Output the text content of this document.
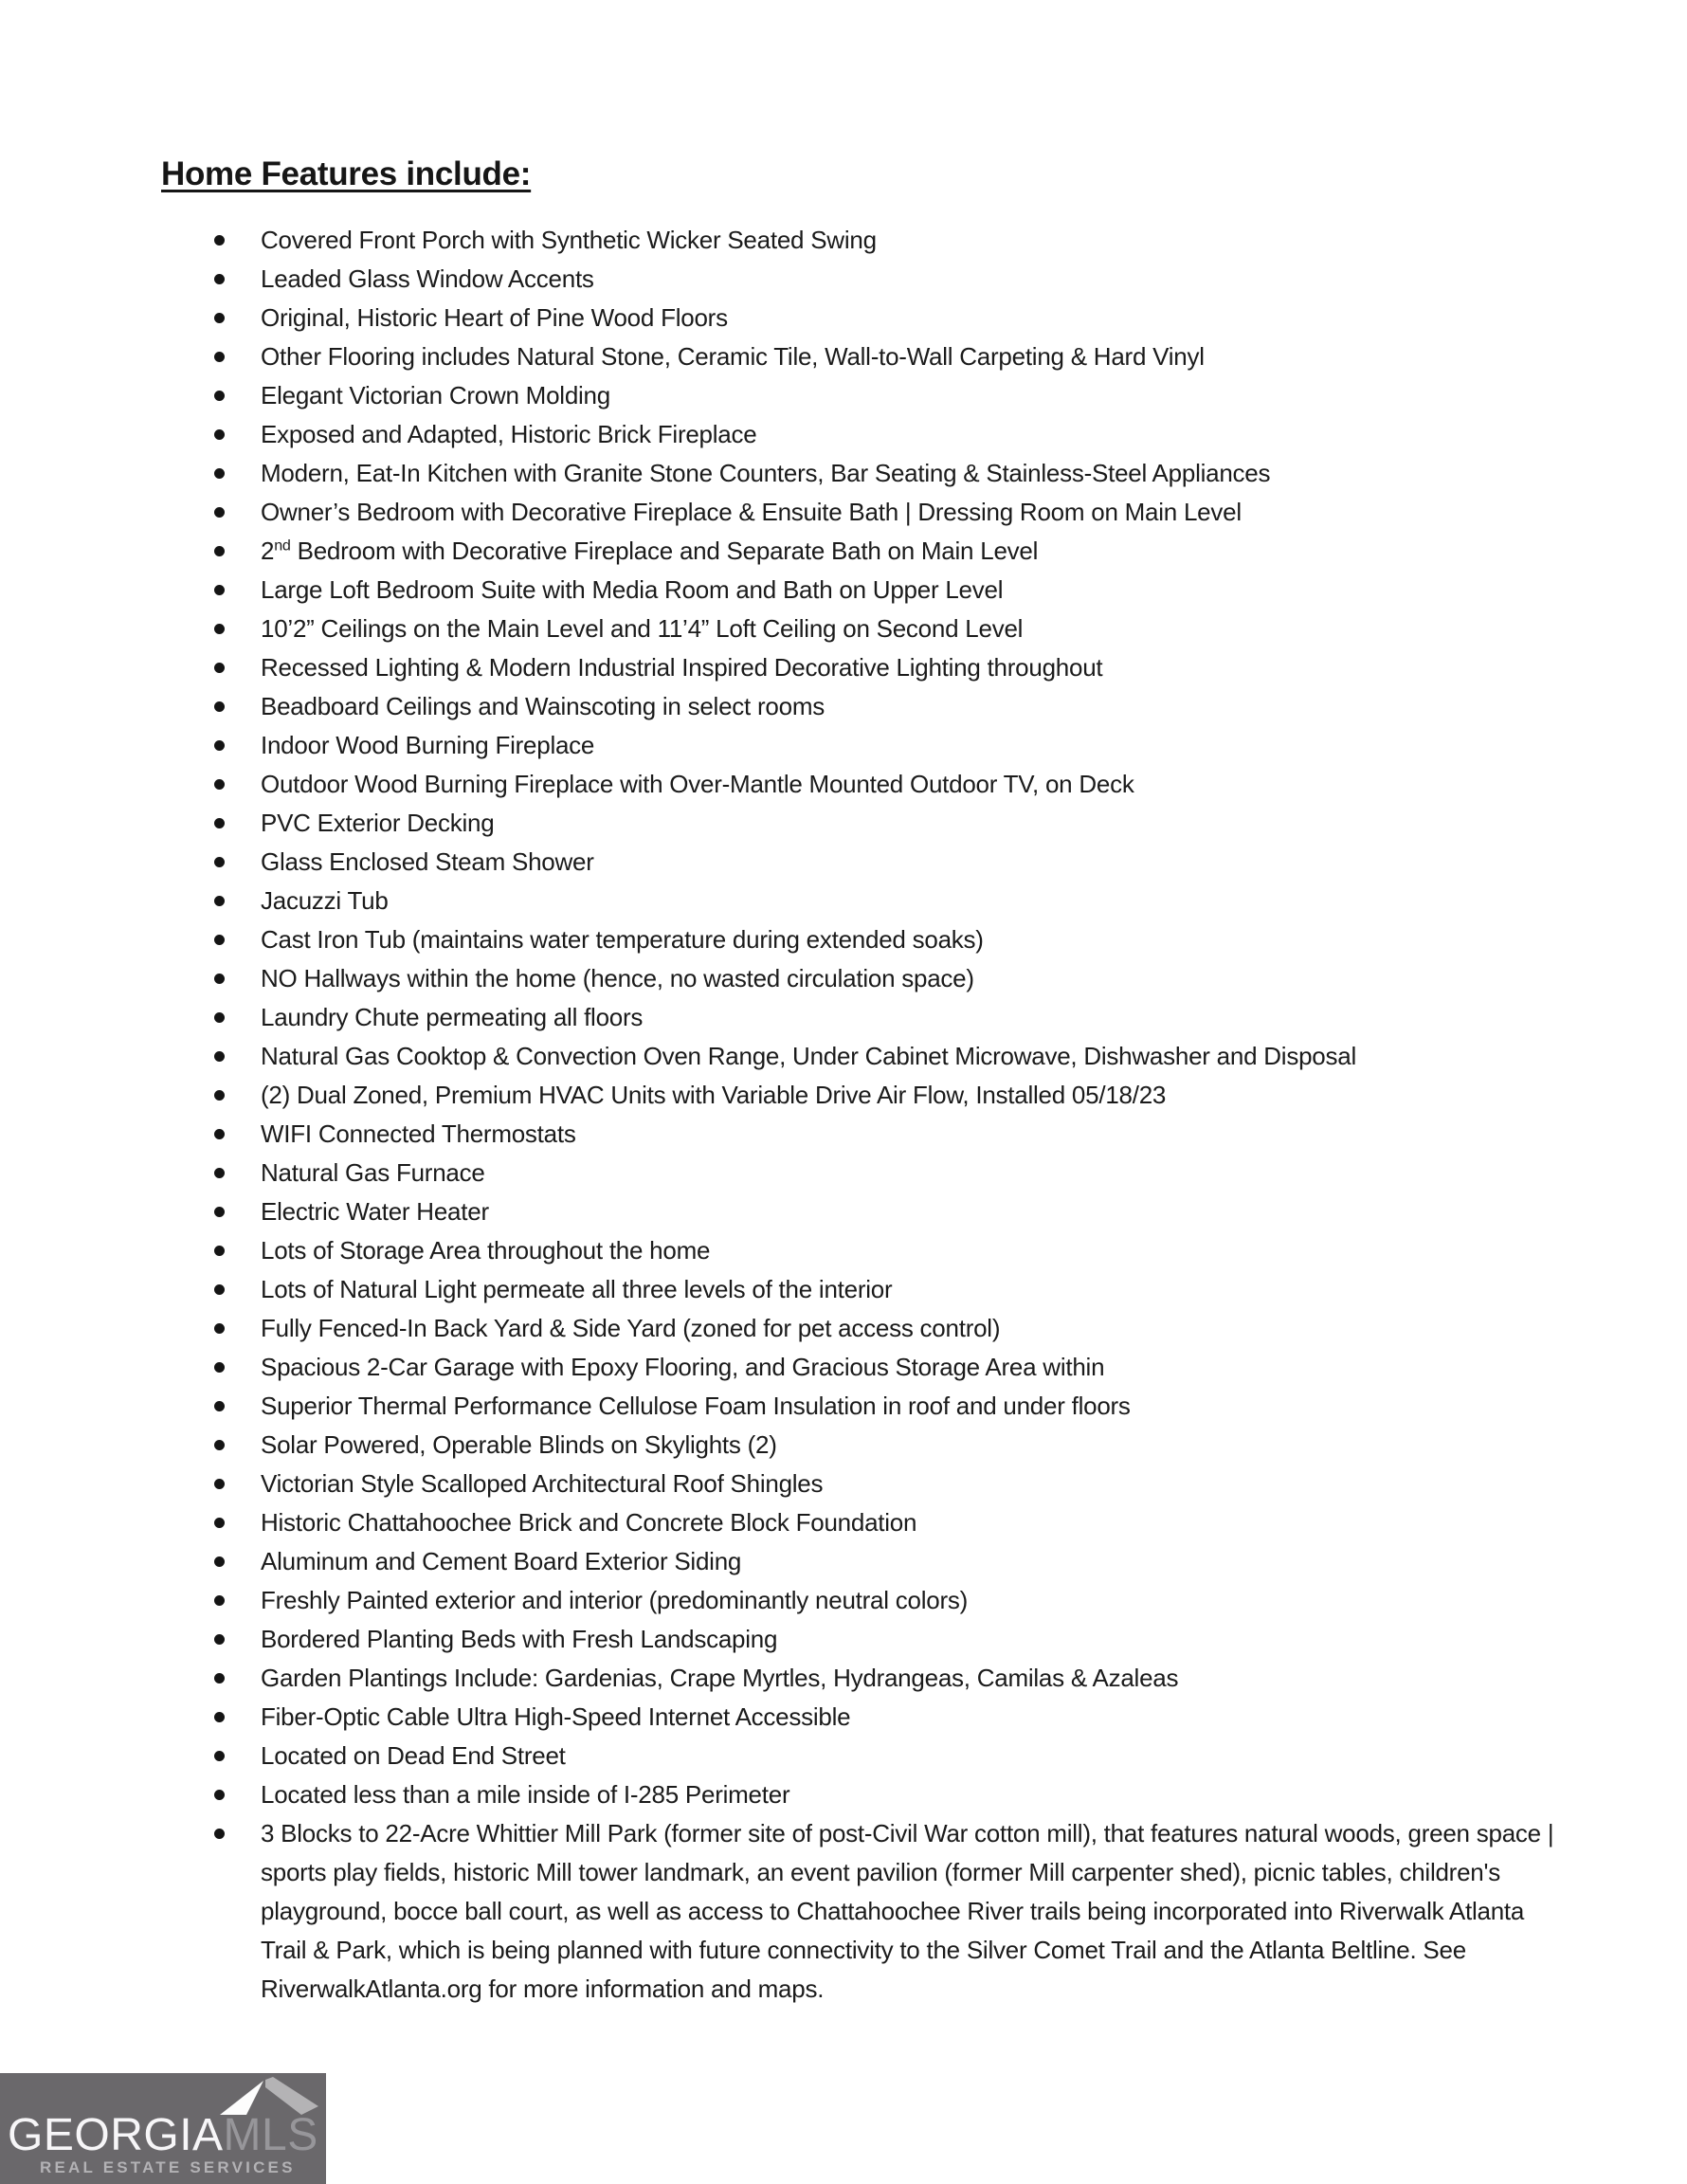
Home Features include:
Covered Front Porch with Synthetic Wicker Seated Swing
Leaded Glass Window Accents
Original, Historic Heart of Pine Wood Floors
Other Flooring includes Natural Stone, Ceramic Tile, Wall-to-Wall Carpeting & Hard Vinyl
Elegant Victorian Crown Molding
Exposed and Adapted, Historic Brick Fireplace
Modern, Eat-In Kitchen with Granite Stone Counters, Bar Seating & Stainless-Steel Appliances
Owner’s Bedroom with Decorative Fireplace & Ensuite Bath | Dressing Room on Main Level
2nd Bedroom with Decorative Fireplace and Separate Bath on Main Level
Large Loft Bedroom Suite with Media Room and Bath on Upper Level
10’2” Ceilings on the Main Level and 11’4” Loft Ceiling on Second Level
Recessed Lighting & Modern Industrial Inspired Decorative Lighting throughout
Beadboard Ceilings and Wainscoting in select rooms
Indoor Wood Burning Fireplace
Outdoor Wood Burning Fireplace with Over-Mantle Mounted Outdoor TV, on Deck
PVC Exterior Decking
Glass Enclosed Steam Shower
Jacuzzi Tub
Cast Iron Tub (maintains water temperature during extended soaks)
NO Hallways within the home (hence, no wasted circulation space)
Laundry Chute permeating all floors
Natural Gas Cooktop & Convection Oven Range, Under Cabinet Microwave, Dishwasher and Disposal
(2) Dual Zoned, Premium HVAC Units with Variable Drive Air Flow, Installed 05/18/23
WIFI Connected Thermostats
Natural Gas Furnace
Electric Water Heater
Lots of Storage Area throughout the home
Lots of Natural Light permeate all three levels of the interior
Fully Fenced-In Back Yard & Side Yard (zoned for pet access control)
Spacious 2-Car Garage with Epoxy Flooring, and Gracious Storage Area within
Superior Thermal Performance Cellulose Foam Insulation in roof and under floors
Solar Powered, Operable Blinds on Skylights (2)
Victorian Style Scalloped Architectural Roof Shingles
Historic Chattahoochee Brick and Concrete Block Foundation
Aluminum and Cement Board Exterior Siding
Freshly Painted exterior and interior (predominantly neutral colors)
Bordered Planting Beds with Fresh Landscaping
Garden Plantings Include: Gardenias, Crape Myrtles, Hydrangeas, Camilas & Azaleas
Fiber-Optic Cable Ultra High-Speed Internet Accessible
Located on Dead End Street
Located less than a mile inside of I-285 Perimeter
3 Blocks to 22-Acre Whittier Mill Park (former site of post-Civil War cotton mill), that features natural woods, green space | sports play fields, historic Mill tower landmark, an event pavilion (former Mill carpenter shed), picnic tables, children's playground, bocce ball court, as well as access to Chattahoochee River trails being incorporated into Riverwalk Atlanta Trail & Park, which is being planned with future connectivity to the Silver Comet Trail and the Atlanta Beltline. See RiverwalkAtlanta.org for more information and maps.
GEORGIAMLS
REAL ESTATE SERVICES
